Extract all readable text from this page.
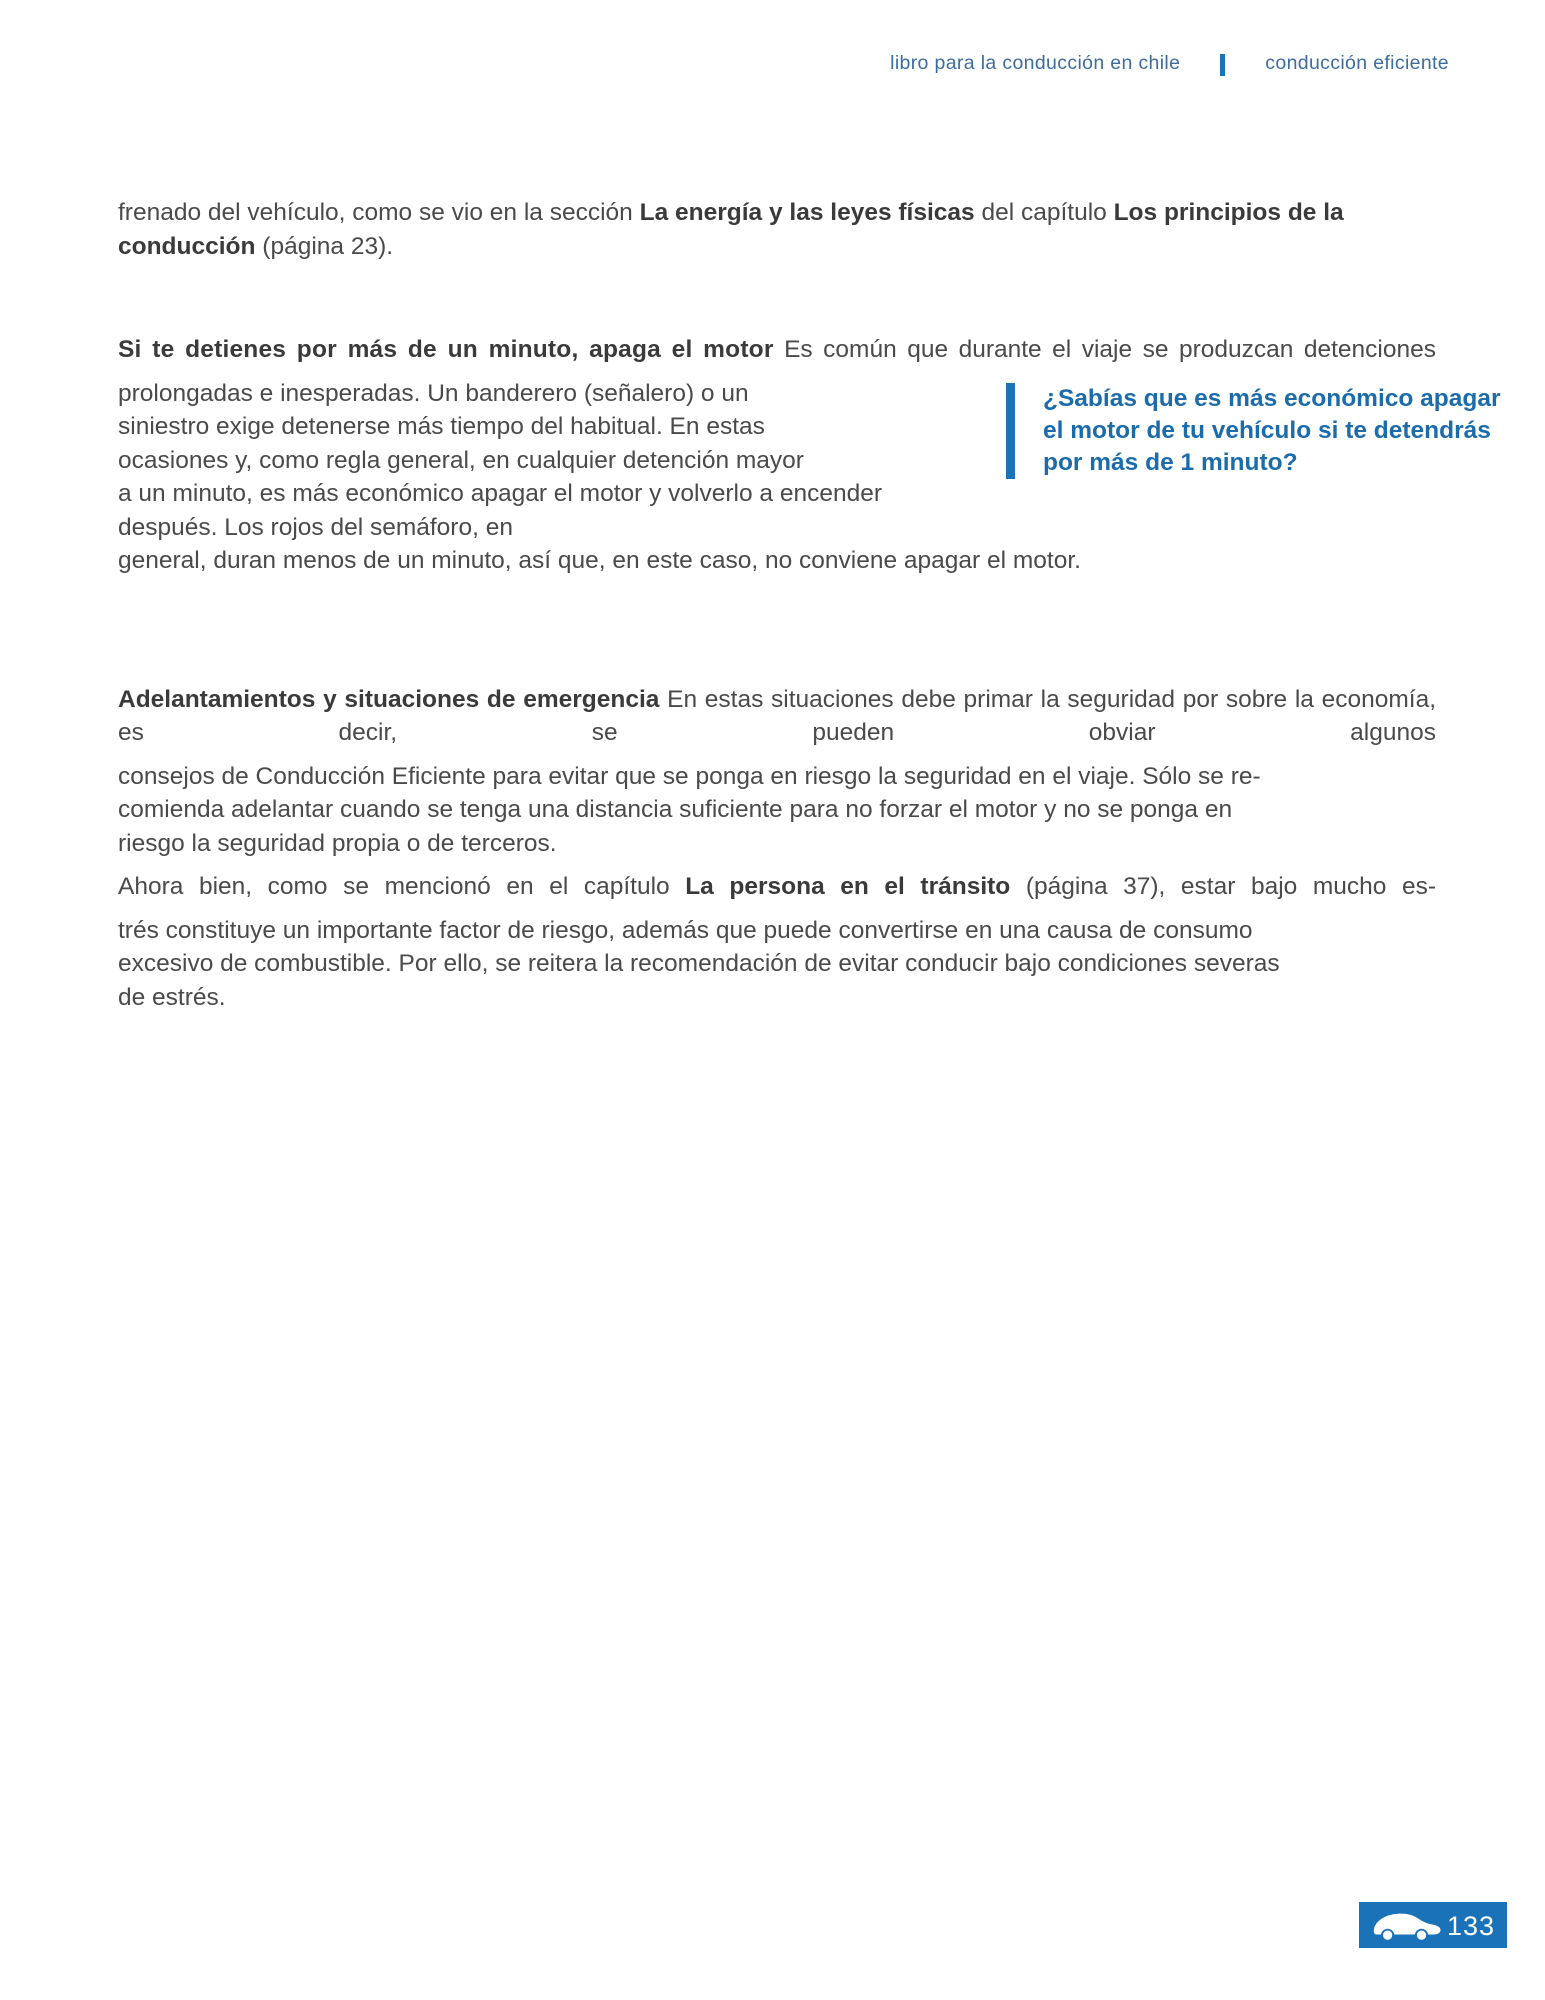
libro para la conducción en chile	conducción eficiente

frenado del vehículo, como se vio en la sección La energía y las leyes físicas del capítulo Los principios de la conducción (página 23).

Si te detienes por más de un minuto, apaga el motor Es común que durante el viaje se produzcan detenciones

¿Sabías que es más económico apagar
el motor de tu vehículo si te detendrás
por más de 1 minuto?

prolongadas e inesperadas. Un banderero (señalero) o un

siniestro exige detenerse más tiempo del habitual. En estas

ocasiones y, como regla general, en cualquier detención mayor

a un minuto, es más económico apagar el motor y volverlo a encender después. Los rojos del semáforo, en

general, duran menos de un minuto, así que, en este caso, no conviene apagar el motor.

Adelantamientos y situaciones de emergencia En estas situaciones debe primar la seguridad por sobre la economía, es decir, se pueden obviar algunos

consejos de Conducción Eficiente para evitar que se ponga en riesgo la seguridad en el viaje. Sólo se re-

comienda adelantar cuando se tenga una distancia suficiente para no forzar el motor y no se ponga en

riesgo la seguridad propia o de terceros.

Ahora bien, como se mencionó en el capítulo La persona en el tránsito (página 37), estar bajo mucho es-

trés constituye un importante factor de riesgo, además que puede convertirse en una causa de consumo

excesivo de combustible. Por ello, se reitera la recomendación de evitar conducir bajo condiciones severas

de estrés.

133
